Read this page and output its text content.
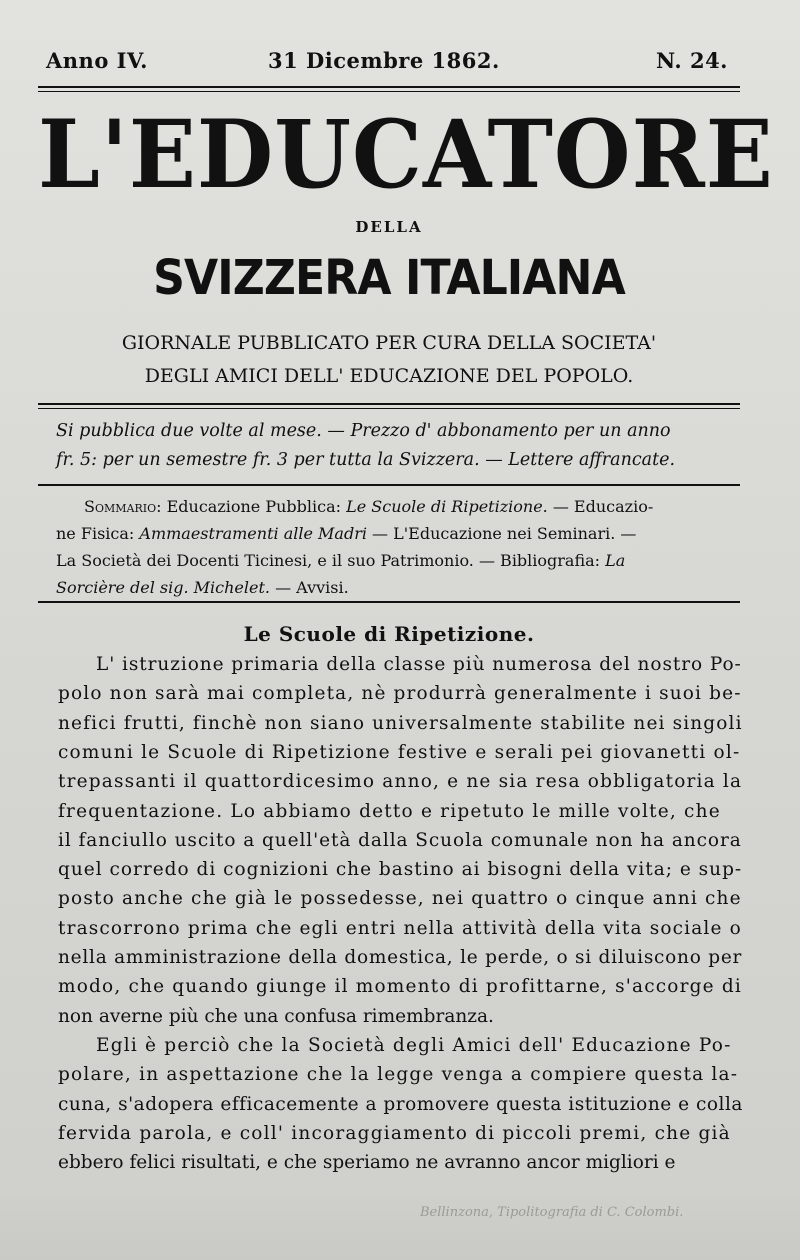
Bellinzona, Tipolitografia di C. Colombi.
Anno IV.	31 Dicembre 1862.	N. 24.
L'EDUCATORE
DELLA
SVIZZERA ITALIANA
GIORNALE PUBBLICATO PER CURA DELLA SOCIETA'
DEGLI AMICI DELL' EDUCAZIONE DEL POPOLO.
Si pubblica due volte al mese. — Prezzo d' abbonamento per un anno
fr. 5: per un semestre fr. 3 per tutta la Svizzera. — Lettere affrancate.
Sommario: Educazione Pubblica: Le Scuole di Ripetizione. — Educazio-
ne Fisica: Ammaestramenti alle Madri — L'Educazione nei Seminari. —
La Società dei Docenti Ticinesi, e il suo Patrimonio. — Bibliografia: La
Sorcière del sig. Michelet. — Avvisi.
Le Scuole di Ripetizione.
L' istruzione primaria della classe più numerosa del nostro Po-
polo non sarà mai completa, nè produrrà generalmente i suoi be-
nefici frutti, finchè non siano universalmente stabilite nei singoli
comuni le Scuole di Ripetizione festive e serali pei giovanetti ol-
trepassanti il quattordicesimo anno, e ne sia resa obbligatoria la
frequentazione. Lo abbiamo detto e ripetuto le mille volte, che
il fanciullo uscito a quell'età dalla Scuola comunale non ha ancora
quel corredo di cognizioni che bastino ai bisogni della vita; e sup-
posto anche che già le possedesse, nei quattro o cinque anni che
trascorrono prima che egli entri nella attività della vita sociale o
nella amministrazione della domestica, le perde, o si diluiscono per
modo, che quando giunge il momento di profittarne, s'accorge di
non averne più che una confusa rimembranza.
Egli è perciò che la Società degli Amici dell' Educazione Po-
polare, in aspettazione che la legge venga a compiere questa la-
cuna, s'adopera efficacemente a promovere questa istituzione e colla
fervida parola, e coll' incoraggiamento di piccoli premi, che già
ebbero felici risultati, e che speriamo ne avranno ancor migliori e
